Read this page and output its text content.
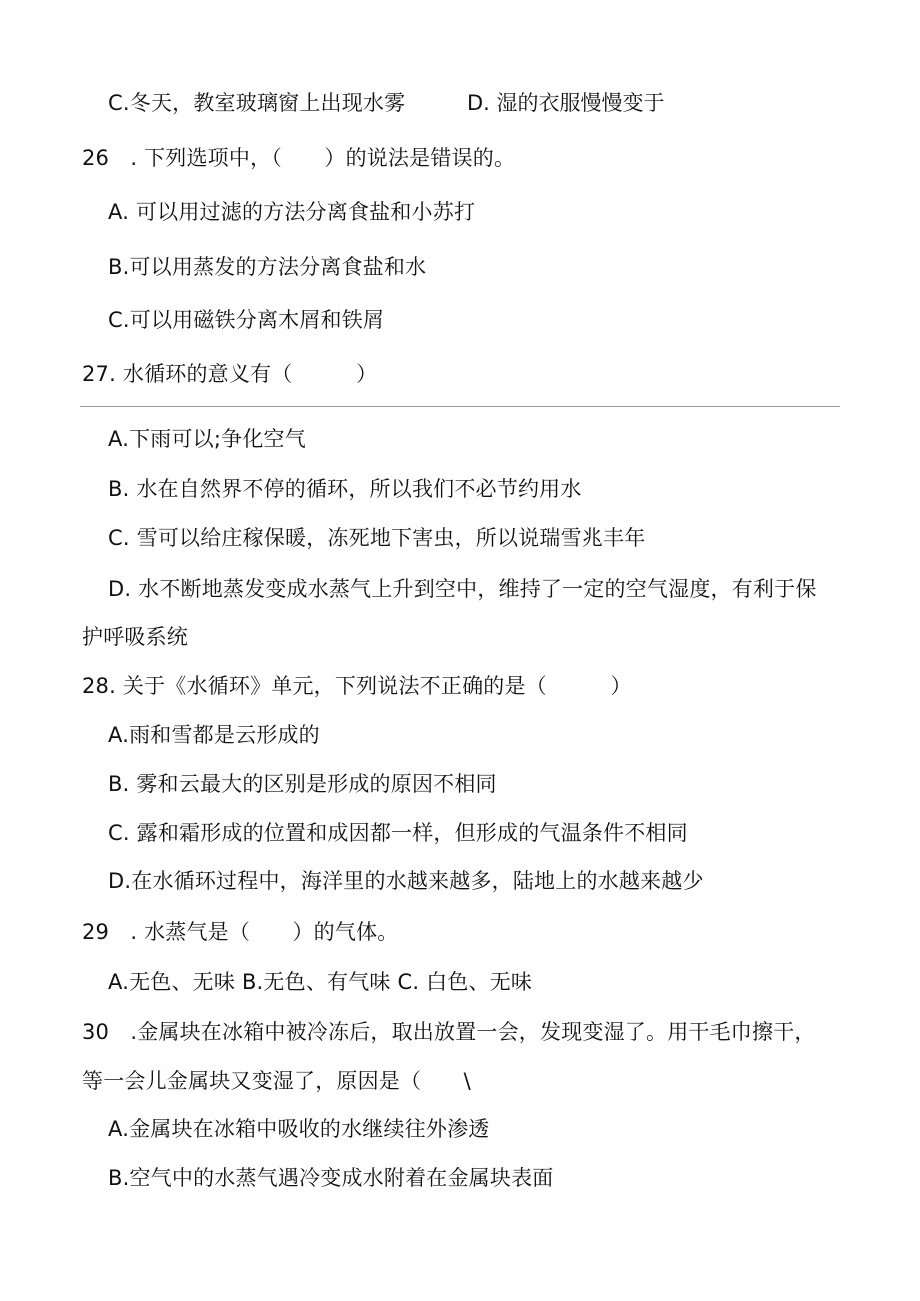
C.冬天，教室玻璃窗上出现水雾	D. 湿的衣服慢慢变于
26　. 下列选项中，（　　）的说法是错误的。
A. 可以用过滤的方法分离食盐和小苏打
B.可以用蒸发的方法分离食盐和水
C.可以用磁铁分离木屑和铁屑
27. 水循环的意义有（　　　）
A.下雨可以;争化空气
B. 水在自然界不停的循环，所以我们不必节约用水
C. 雪可以给庄稼保暖，冻死地下害虫，所以说瑞雪兆丰年
D. 水不断地蒸发变成水蒸气上升到空中，维持了一定的空气湿度，有利于保
护呼吸系统
28. 关于《水循环》单元，下列说法不正确的是（　　　）
A.雨和雪都是云形成的
B. 雾和云最大的区别是形成的原因不相同
C. 露和霜形成的位置和成因都一样，但形成的气温条件不相同
D.在水循环过程中，海洋里的水越来越多，陆地上的水越来越少
29　. 水蒸气是（　　）的气体。
A.无色、无味 B.无色、有气味 C. 白色、无味
30　.金属块在冰箱中被冷冻后，取出放置一会，发现变湿了。用干毛巾擦干，
等一会儿金属块又变湿了，原因是（　　\
A.金属块在冰箱中吸收的水继续往外渗透
B.空气中的水蒸气遇冷变成水附着在金属块表面
